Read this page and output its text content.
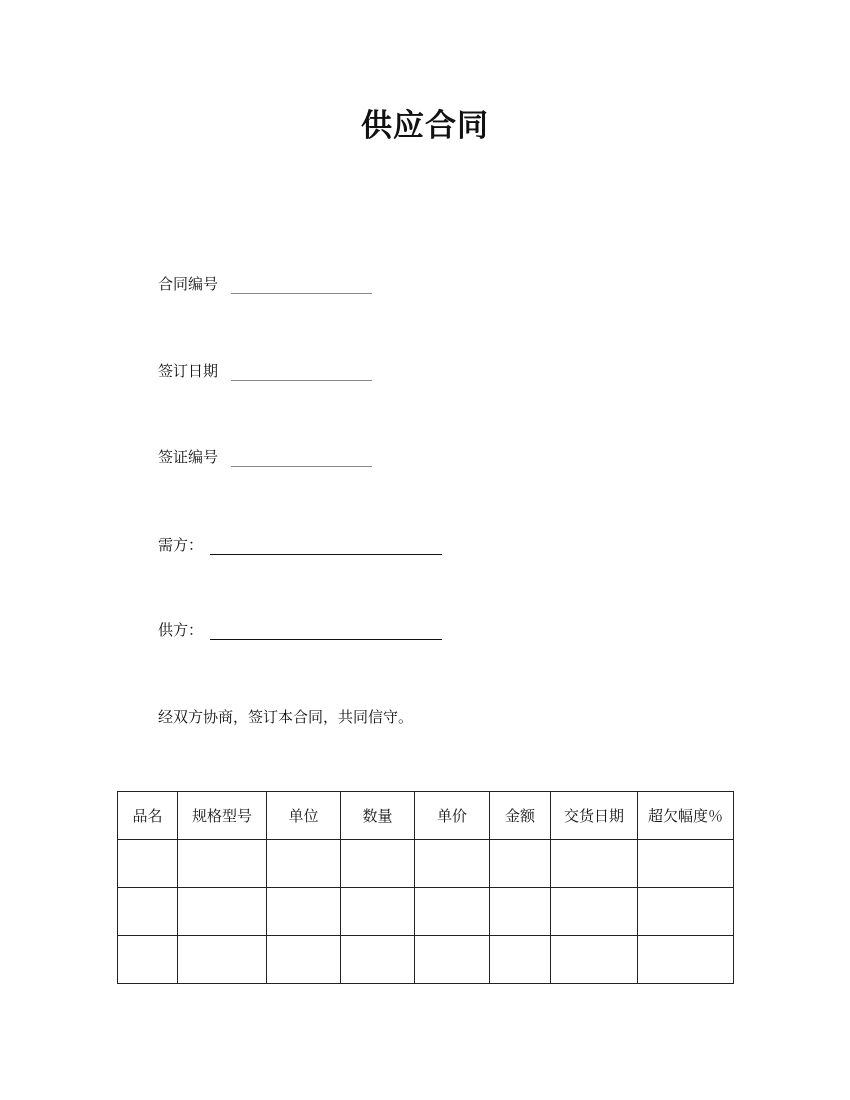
供应合同
合同编号
签订日期
签证编号
需方：
供方：

经双方协商，签订本合同，共同信守。

品名	规格型号	单位	数量	单价	金额	交货日期	超欠幅度％
